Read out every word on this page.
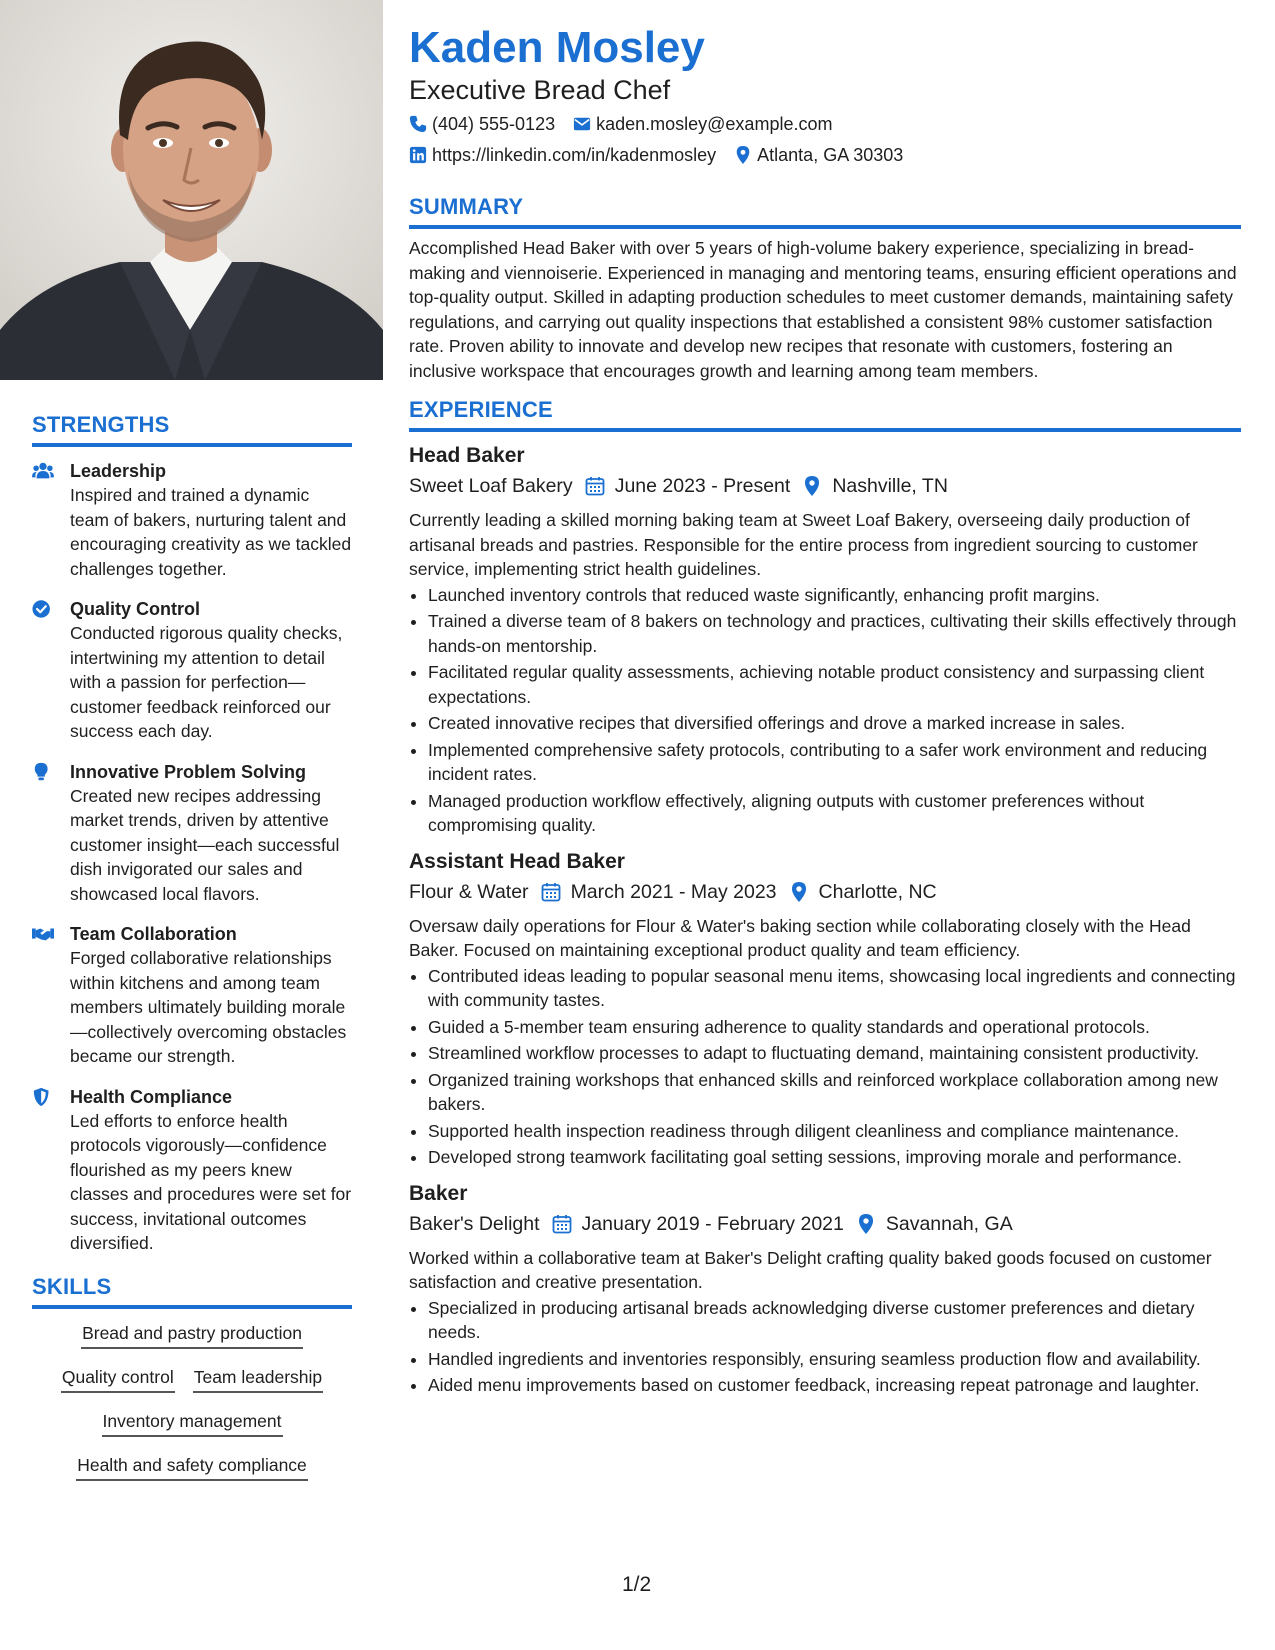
STRENGTHS
Leadership
Inspired and trained a dynamic team of bakers, nurturing talent and encouraging creativity as we tackled challenges together.
Quality Control
Conducted rigorous quality checks, intertwining my attention to detail with a passion for perfection—customer feedback reinforced our success each day.
Innovative Problem Solving
Created new recipes addressing market trends, driven by attentive customer insight—each successful dish invigorated our sales and showcased local flavors.
Team Collaboration
Forged collaborative relationships within kitchens and among team members ultimately building morale—collectively overcoming obstacles became our strength.
Health Compliance
Led efforts to enforce health protocols vigorously—confidence flourished as my peers knew classes and procedures were set for success, invitational outcomes diversified.
SKILLS
Bread and pastry production
Quality control Team leadership
Inventory management
Health and safety compliance
Kaden Mosley
Executive Bread Chef
(404) 555-0123 kaden.mosley@example.com
https://linkedin.com/in/kadenmosley Atlanta, GA 30303
SUMMARY
Accomplished Head Baker with over 5 years of high-volume bakery experience, specializing in bread-making and viennoiserie. Experienced in managing and mentoring teams, ensuring efficient operations and top-quality output. Skilled in adapting production schedules to meet customer demands, maintaining safety regulations, and carrying out quality inspections that established a consistent 98% customer satisfaction rate. Proven ability to innovate and develop new recipes that resonate with customers, fostering an inclusive workspace that encourages growth and learning among team members.
EXPERIENCE
Head Baker
Sweet Loaf Bakery June 2023 - Present Nashville, TN
Currently leading a skilled morning baking team at Sweet Loaf Bakery, overseeing daily production of artisanal breads and pastries. Responsible for the entire process from ingredient sourcing to customer service, implementing strict health guidelines.
• Launched inventory controls that reduced waste significantly, enhancing profit margins.
• Trained a diverse team of 8 bakers on technology and practices, cultivating their skills effectively through hands-on mentorship.
• Facilitated regular quality assessments, achieving notable product consistency and surpassing client expectations.
• Created innovative recipes that diversified offerings and drove a marked increase in sales.
• Implemented comprehensive safety protocols, contributing to a safer work environment and reducing incident rates.
• Managed production workflow effectively, aligning outputs with customer preferences without compromising quality.
Assistant Head Baker
Flour & Water March 2021 - May 2023 Charlotte, NC
Oversaw daily operations for Flour & Water's baking section while collaborating closely with the Head Baker. Focused on maintaining exceptional product quality and team efficiency.
• Contributed ideas leading to popular seasonal menu items, showcasing local ingredients and connecting with community tastes.
• Guided a 5-member team ensuring adherence to quality standards and operational protocols.
• Streamlined workflow processes to adapt to fluctuating demand, maintaining consistent productivity.
• Organized training workshops that enhanced skills and reinforced workplace collaboration among new bakers.
• Supported health inspection readiness through diligent cleanliness and compliance maintenance.
• Developed strong teamwork facilitating goal setting sessions, improving morale and performance.
Baker
Baker's Delight January 2019 - February 2021 Savannah, GA
Worked within a collaborative team at Baker's Delight crafting quality baked goods focused on customer satisfaction and creative presentation.
• Specialized in producing artisanal breads acknowledging diverse customer preferences and dietary needs.
• Handled ingredients and inventories responsibly, ensuring seamless production flow and availability.
• Aided menu improvements based on customer feedback, increasing repeat patronage and laughter.
1/2
